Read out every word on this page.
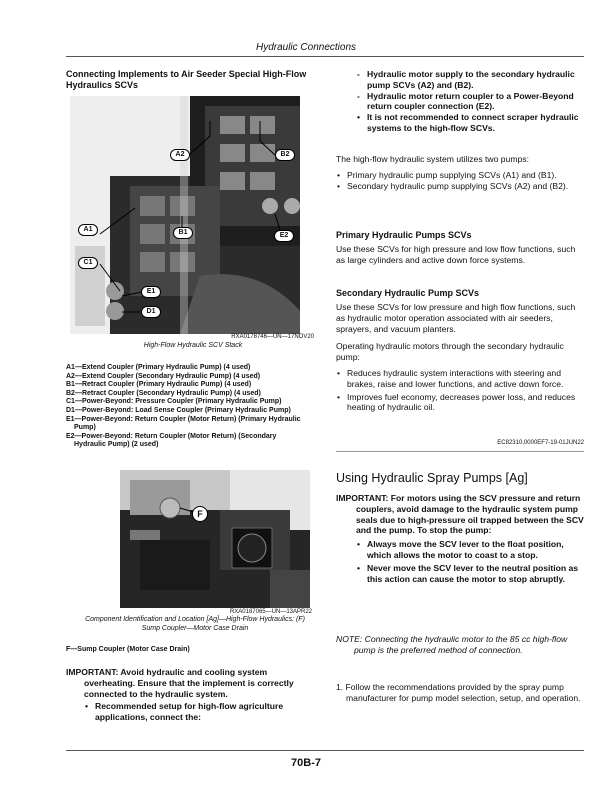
Hydraulic Connections
Connecting Implements to Air Seeder Special High-Flow Hydraulics SCVs
A2	B2
A1	B1	E2
C1
E1
D1
RXA0178746—UN—17NOV20
High-Flow Hydraulic SCV Stack
A1—Extend Coupler (Primary Hydraulic Pump) (4 used)
A2—Extend Coupler (Secondary Hydraulic Pump) (4 used)
B1—Retract Coupler (Primary Hydraulic Pump) (4 used)
B2—Retract Coupler (Secondary Hydraulic Pump) (4 used)
C1—Power-Beyond: Pressure Coupler (Primary Hydraulic Pump)
D1—Power-Beyond: Load Sense Coupler (Primary Hydraulic Pump)
E1—Power-Beyond: Return Coupler (Motor Return) (Primary Hydraulic Pump)
E2—Power-Beyond: Return Coupler (Motor Return) (Secondary Hydraulic Pump) (2 used)
F
RXA0187065—UN—13APR22
Component Identification and Location [Ag]—High-Flow Hydraulics: (F) Sump Coupler—Motor Case Drain
F—Sump Coupler (Motor Case Drain)
IMPORTANT: Avoid hydraulic and cooling system overheating. Ensure that the implement is correctly connected to the hydraulic system.
• Recommended setup for high-flow agriculture applications, connect the:
- Hydraulic motor supply to the secondary hydraulic pump SCVs (A2) and (B2).
- Hydraulic motor return coupler to a Power-Beyond return coupler connection (E2).
• It is not recommended to connect scraper hydraulic systems to the high-flow SCVs.
The high-flow hydraulic system utilizes two pumps:
• Primary hydraulic pump supplying SCVs (A1) and (B1).
• Secondary hydraulic pump supplying SCVs (A2) and (B2).
Primary Hydraulic Pumps SCVs
Use these SCVs for high pressure and low flow functions, such as large cylinders and active down force systems.
Secondary Hydraulic Pump SCVs
Use these SCVs for low pressure and high flow functions, such as hydraulic motor operation associated with air seeders, sprayers, and vacuum planters.
Operating hydraulic motors through the secondary hydraulic pump:
• Reduces hydraulic system interactions with steering and brakes, raise and lower functions, and active down force.
• Improves fuel economy, decreases power loss, and reduces heating of hydraulic oil.
EC82310,0000EF7-19-01JUN22
Using Hydraulic Spray Pumps [Ag]
IMPORTANT: For motors using the SCV pressure and return couplers, avoid damage to the hydraulic system pump seals due to high-pressure oil trapped between the SCV and the pump. To stop the pump:
• Always move the SCV lever to the float position, which allows the motor to coast to a stop.
• Never move the SCV lever to the neutral position as this action can cause the motor to stop abruptly.
NOTE: Connecting the hydraulic motor to the 85 cc high-flow pump is the preferred method of connection.
1. Follow the recommendations provided by the spray pump manufacturer for pump model selection, setup, and operation.
70B-7
